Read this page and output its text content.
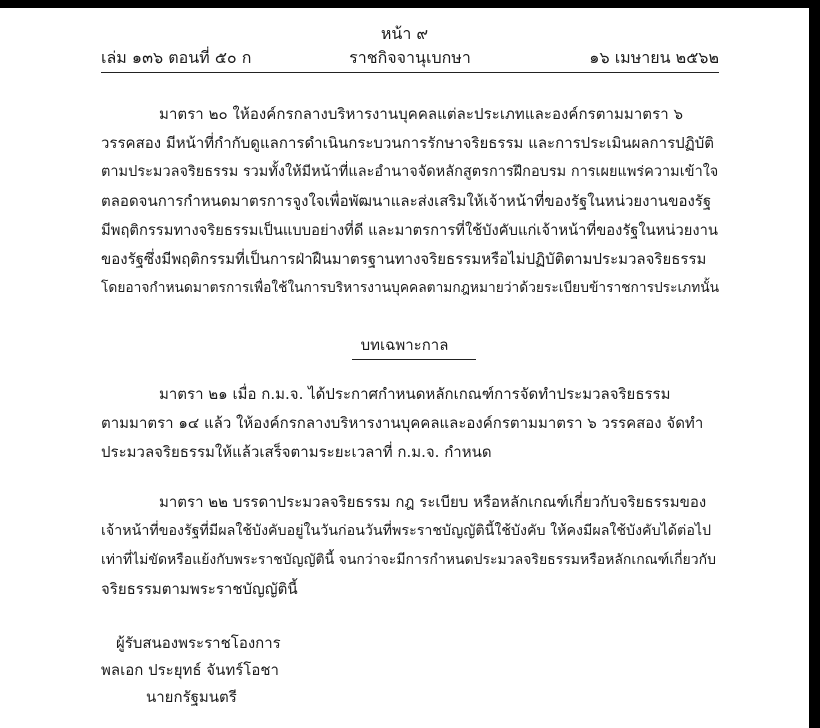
หน้า ๙
เล่ม ๑๓๖ ตอนที่ ๕๐ ก	ราชกิจจานุเบกษา	๑๖ เมษายน ๒๕๖๒
มาตรา ๒๐ ให้องค์กรกลางบริหารงานบุคคลแต่ละประเภทและองค์กรตามมาตรา ๖
วรรคสอง มีหน้าที่กำกับดูแลการดำเนินกระบวนการรักษาจริยธรรม และการประเมินผลการปฏิบัติ
ตามประมวลจริยธรรม รวมทั้งให้มีหน้าที่และอำนาจจัดหลักสูตรการฝึกอบรม การเผยแพร่ความเข้าใจ
ตลอดจนการกำหนดมาตรการจูงใจเพื่อพัฒนาและส่งเสริมให้เจ้าหน้าที่ของรัฐในหน่วยงานของรัฐ
มีพฤติกรรมทางจริยธรรมเป็นแบบอย่างที่ดี และมาตรการที่ใช้บังคับแก่เจ้าหน้าที่ของรัฐในหน่วยงาน
ของรัฐซึ่งมีพฤติกรรมที่เป็นการฝ่าฝืนมาตรฐานทางจริยธรรมหรือไม่ปฏิบัติตามประมวลจริยธรรม
โดยอาจกำหนดมาตรการเพื่อใช้ในการบริหารงานบุคคลตามกฎหมายว่าด้วยระเบียบข้าราชการประเภทนั้น
บทเฉพาะกาล
มาตรา ๒๑ เมื่อ ก.ม.จ. ได้ประกาศกำหนดหลักเกณฑ์การจัดทำประมวลจริยธรรม
ตามมาตรา ๑๔ แล้ว ให้องค์กรกลางบริหารงานบุคคลและองค์กรตามมาตรา ๖ วรรคสอง จัดทำ
ประมวลจริยธรรมให้แล้วเสร็จตามระยะเวลาที่ ก.ม.จ. กำหนด
มาตรา ๒๒ บรรดาประมวลจริยธรรม กฎ ระเบียบ หรือหลักเกณฑ์เกี่ยวกับจริยธรรมของ
เจ้าหน้าที่ของรัฐที่มีผลใช้บังคับอยู่ในวันก่อนวันที่พระราชบัญญัตินี้ใช้บังคับ ให้คงมีผลใช้บังคับได้ต่อไป
เท่าที่ไม่ขัดหรือแย้งกับพระราชบัญญัตินี้ จนกว่าจะมีการกำหนดประมวลจริยธรรมหรือหลักเกณฑ์เกี่ยวกับ
จริยธรรมตามพระราชบัญญัตินี้
ผู้รับสนองพระราชโองการ
พลเอก ประยุทธ์ จันทร์โอชา
นายกรัฐมนตรี
